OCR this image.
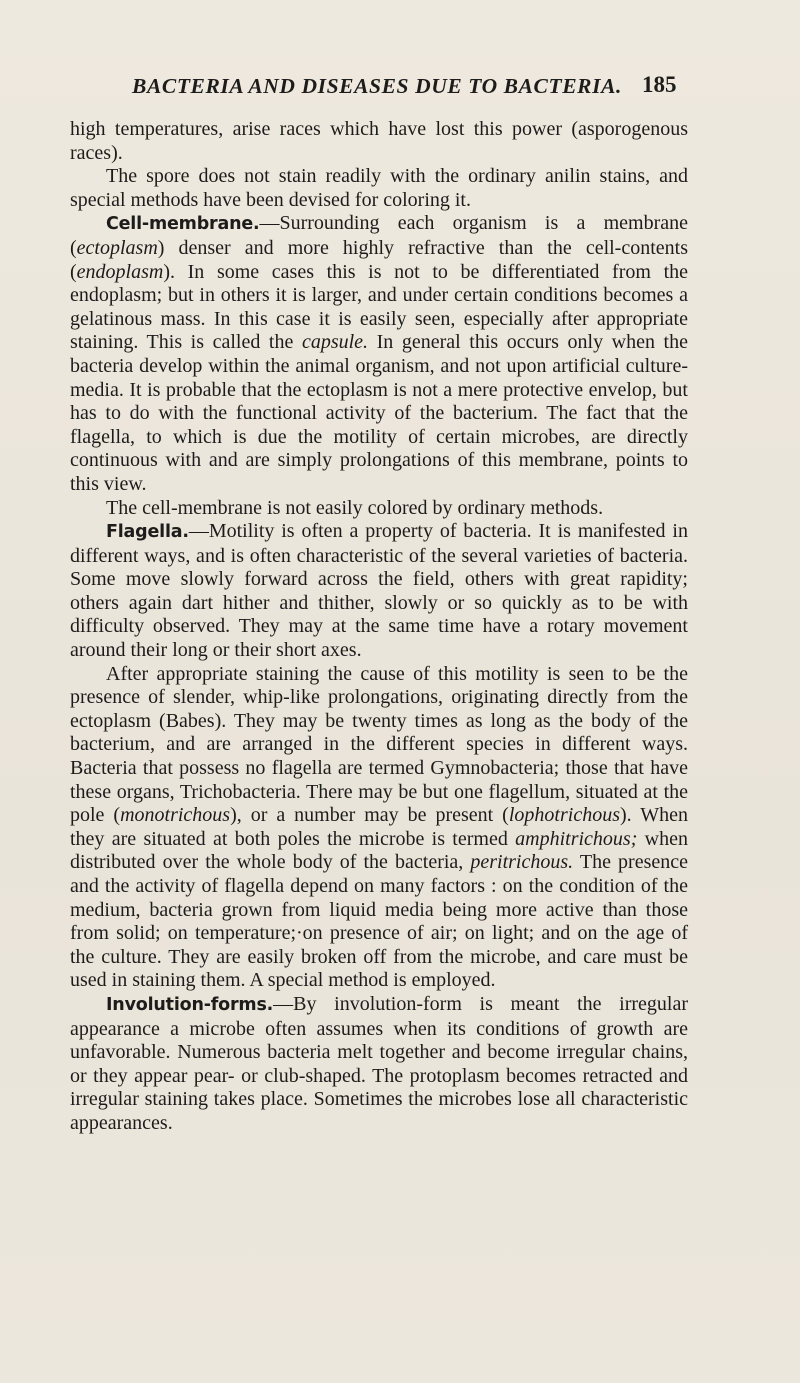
BACTERIA AND DISEASES DUE TO BACTERIA. 185

high temperatures, arise races which have lost this power (asporogenous races).

The spore does not stain readily with the ordinary anilin stains, and special methods have been devised for coloring it.

Cell-membrane.—Surrounding each organism is a membrane (ectoplasm) denser and more highly refractive than the cell-contents (endoplasm). In some cases this is not to be differentiated from the endoplasm; but in others it is larger, and under certain conditions becomes a gelatinous mass. In this case it is easily seen, especially after appropriate staining. This is called the capsule. In general this occurs only when the bacteria develop within the animal organism, and not upon artificial culture-media. It is probable that the ectoplasm is not a mere protective envelop, but has to do with the functional activity of the bacterium. The fact that the flagella, to which is due the motility of certain microbes, are directly continuous with and are simply prolongations of this membrane, points to this view.

The cell-membrane is not easily colored by ordinary methods.

Flagella.—Motility is often a property of bacteria. It is manifested in different ways, and is often characteristic of the several varieties of bacteria. Some move slowly forward across the field, others with great rapidity; others again dart hither and thither, slowly or so quickly as to be with difficulty observed. They may at the same time have a rotary movement around their long or their short axes.

After appropriate staining the cause of this motility is seen to be the presence of slender, whip-like prolongations, originating directly from the ectoplasm (Babes). They may be twenty times as long as the body of the bacterium, and are arranged in the different species in different ways. Bacteria that possess no flagella are termed Gymnobacteria; those that have these organs, Trichobacteria. There may be but one flagellum, situated at the pole (monotrichous), or a number may be present (lophotrichous). When they are situated at both poles the microbe is termed amphitrichous; when distributed over the whole body of the bacteria, peritrichous. The presence and the activity of flagella depend on many factors : on the condition of the medium, bacteria grown from liquid media being more active than those from solid; on temperature;·on presence of air; on light; and on the age of the culture. They are easily broken off from the microbe, and care must be used in staining them. A special method is employed.

Involution-forms.—By involution-form is meant the irregular appearance a microbe often assumes when its conditions of growth are unfavorable. Numerous bacteria melt together and become irregular chains, or they appear pear- or club-shaped. The protoplasm becomes retracted and irregular staining takes place. Sometimes the microbes lose all characteristic appearances.
